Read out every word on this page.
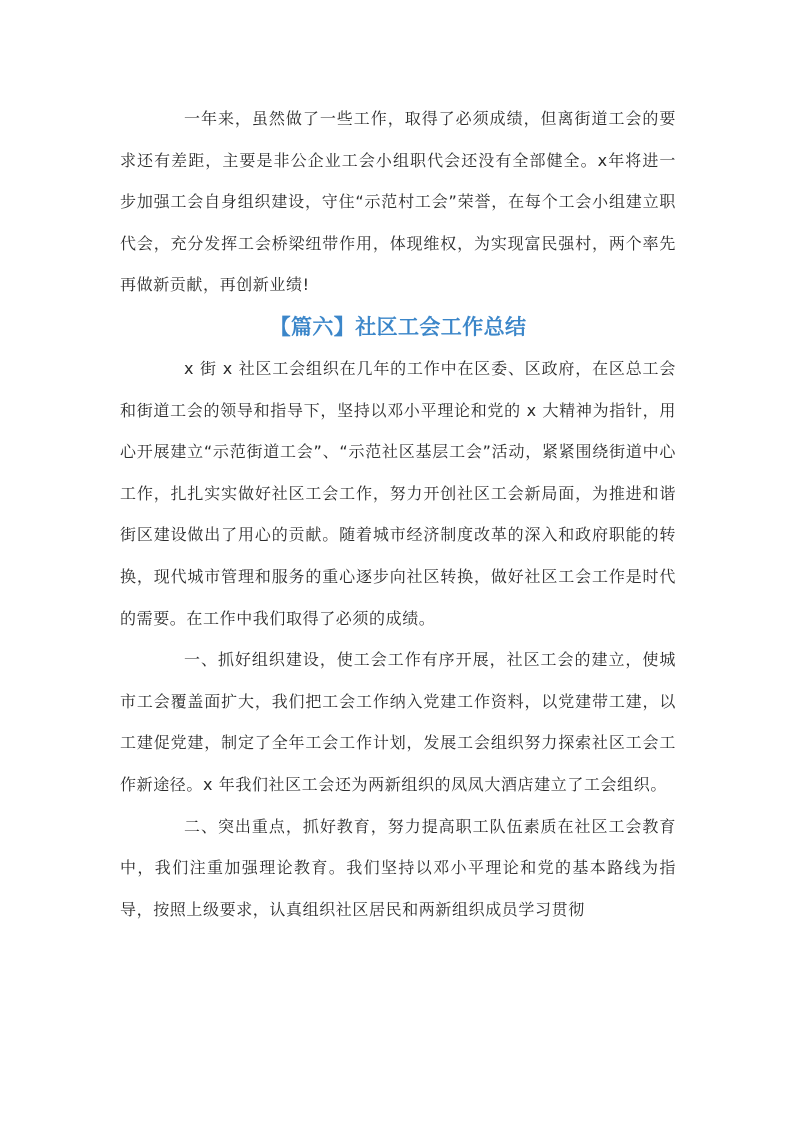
一年来，虽然做了一些工作，取得了必须成绩，但离街道工会的要求还有差距，主要是非公企业工会小组职代会还没有全部健全。x年将进一步加强工会自身组织建设，守住“示范村工会”荣誉，在每个工会小组建立职代会，充分发挥工会桥梁纽带作用，体现维权，为实现富民强村，两个率先再做新贡献，再创新业绩!

【篇六】社区工会工作总结

x 街 x 社区工会组织在几年的工作中在区委、区政府，在区总工会和街道工会的领导和指导下，坚持以邓小平理论和党的 x 大精神为指针，用心开展建立“示范街道工会”、“示范社区基层工会”活动，紧紧围绕街道中心工作，扎扎实实做好社区工会工作，努力开创社区工会新局面，为推进和谐街区建设做出了用心的贡献。随着城市经济制度改革的深入和政府职能的转换，现代城市管理和服务的重心逐步向社区转换，做好社区工会工作是时代的需要。在工作中我们取得了必须的成绩。

一、抓好组织建设，使工会工作有序开展，社区工会的建立，使城市工会覆盖面扩大，我们把工会工作纳入党建工作资料，以党建带工建，以工建促党建，制定了全年工会工作计划，发展工会组织努力探索社区工会工作新途径。x 年我们社区工会还为两新组织的凤凤大酒店建立了工会组织。

二、突出重点，抓好教育，努力提高职工队伍素质在社区工会教育中，我们注重加强理论教育。我们坚持以邓小平理论和党的基本路线为指导，按照上级要求，认真组织社区居民和两新组织成员学习贯彻
